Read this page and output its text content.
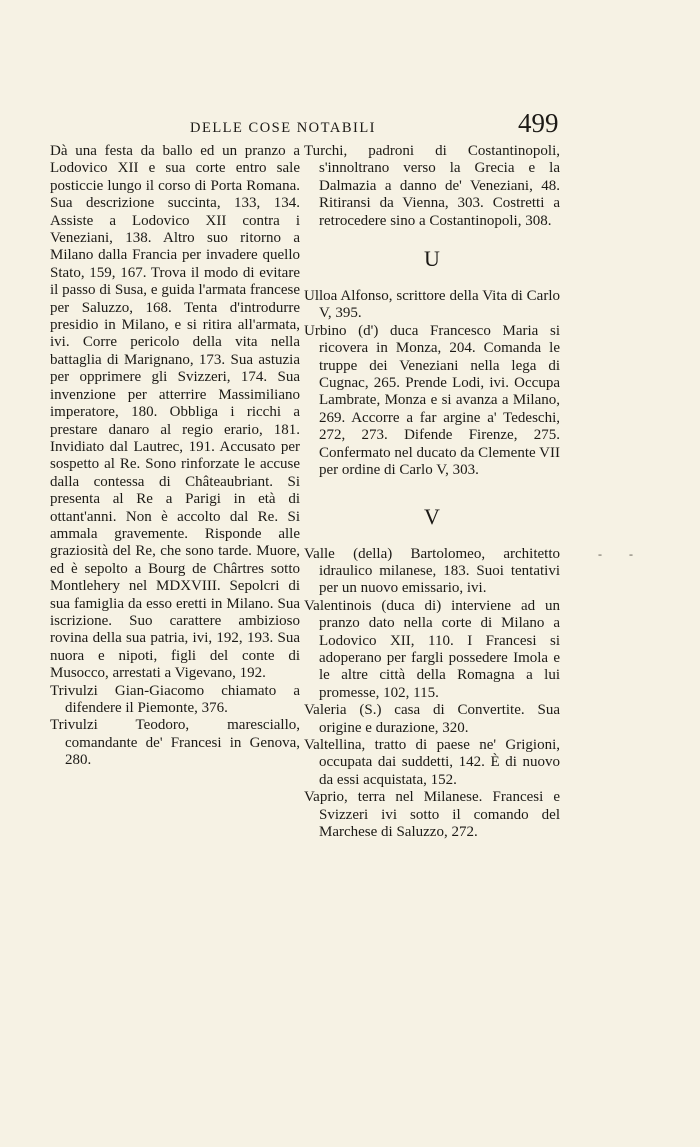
DELLE COSE NOTABILI	499

Dà una festa da ballo ed un pranzo a Lodovico XII e sua corte entro sale posticcie lungo il corso di Porta Romana. Sua descrizione succinta, 133, 134. Assiste a Lodovico XII contra i Veneziani, 138. Altro suo ritorno a Milano dalla Francia per invadere quello Stato, 159, 167. Trova il modo di evitare il passo di Susa, e guida l'armata francese per Saluzzo, 168. Tenta d'introdurre presidio in Milano, e si ritira all'armata, ivi. Corre pericolo della vita nella battaglia di Marignano, 173. Sua astuzia per opprimere gli Svizzeri, 174. Sua invenzione per atterrire Massimiliano imperatore, 180. Obbliga i ricchi a prestare danaro al regio erario, 181. Invidiato dal Lautrec, 191. Accusato per sospetto al Re. Sono rinforzate le accuse dalla contessa di Châteaubriant. Si presenta al Re a Parigi in età di ottant'anni. Non è accolto dal Re. Si ammala gravemente. Risponde alle graziosità del Re, che sono tarde. Muore, ed è sepolto a Bourg de Chârtres sotto Montlehery nel MDXVIII. Sepolcri di sua famiglia da esso eretti in Milano. Sua iscrizione. Suo carattere ambizioso rovina della sua patria, ivi, 192, 193. Sua nuora e nipoti, figli del conte di Musocco, arrestati a Vigevano, 192.

Trivulzi Gian-Giacomo chiamato a difendere il Piemonte, 376.

Trivulzi Teodoro, maresciallo, comandante de' Francesi in Genova, 280.

Turchi, padroni di Costantinopoli, s'innoltrano verso la Grecia e la Dalmazia a danno de' Veneziani, 48. Ritiransi da Vienna, 303. Costretti a retrocedere sino a Costantinopoli, 308.

U

Ulloa Alfonso, scrittore della Vita di Carlo V, 395.

Urbino (d') duca Francesco Maria si ricovera in Monza, 204. Comanda le truppe dei Veneziani nella lega di Cugnac, 265. Prende Lodi, ivi. Occupa Lambrate, Monza e si avanza a Milano, 269. Accorre a far argine a' Tedeschi, 272, 273. Difende Firenze, 275. Confermato nel ducato da Clemente VII per ordine di Carlo V, 303.

V

Valle (della) Bartolomeo, architetto idraulico milanese, 183. Suoi tentativi per un nuovo emissario, ivi.

Valentinois (duca di) interviene ad un pranzo dato nella corte di Milano a Lodovico XII, 110. I Francesi si adoperano per fargli possedere Imola e le altre città della Romagna a lui promesse, 102, 115.

Valeria (S.) casa di Convertite. Sua origine e durazione, 320.

Valtellina, tratto di paese ne' Grigioni, occupata dai suddetti, 142. È di nuovo da essi acquistata, 152.

Vaprio, terra nel Milanese. Francesi e Svizzeri ivi sotto il comando del Marchese di Saluzzo, 272.

- -
